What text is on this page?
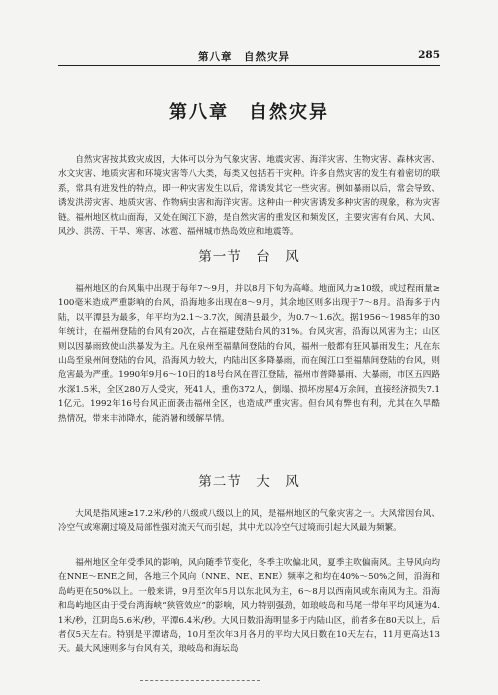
第八章　自然灾异	285
第八章　自然灾异

自然灾害按其致灾成因，大体可以分为气象灾害、地震灾害、海洋灾害、生物灾害、森林灾害、水文灾害、地质灾害和环境灾害等八大类，每类又包括若干灾种。许多自然灾害的发生有着密切的联系，常具有进发性的特点，即一种灾害发生以后，常诱发其它一些灾害。例如暴雨以后，常会导致、诱发洪涝灾害、地质灾害、作物病虫害和海洋灾害。这种由一种灾害诱发多种灾害的现象，称为灾害链。福州地区枕山面海，又处在闽江下游，是自然灾害的重发区和频发区，主要灾害有台风、大风、风沙、洪涝、干旱、寒害、冰雹、福州城市热岛效应和地震等。

第一节　台　风

福州地区的台风集中出现于每年7～9月，并以8月下旬为高峰。地面风力≥10级，或过程雨量≥100毫米造成严重影响的台风，沿海地多出现在8～9月，其余地区则多出现于7～8月。沿海多于内陆，以平潭县为最多，年平均为2.1～3.7次，闽清县最少，为0.7～1.6次。据1956～1985年的30年统计，在福州登陆的台风有20次，占在福建登陆台风的31%。台风灾害，沿海以风害为主；山区则以因暴雨致使山洪暴发为主。凡在泉州至福鼎间登陆的台风，福州一般都有狂风暴雨发生；凡在东山岛至泉州间登陆的台风，沿海风力较大，内陆出区多降暴雨，而在闽江口至福鼎间登陆的台风，则危害最为严重。1990年9月6～10日的18号台风在晋江登陆，福州市普降暴雨、大暴雨，市区五四路水深1.5米，全区280万人受灾，死41人，重伤372人，倒塌、损坏房屋4万余间，直接经济损失7.11亿元。1992年16号台风正面袭击福州全区，也造成严重灾害。但台风有弊也有利，尤其在久旱酷热情况，带来丰沛降水，能消暑和缓解旱情。

第二节　大　风

大风是指风速≥17.2米/秒的八级或八级以上的风，是福州地区的气象灾害之一。大风常因台风、冷空气或寒潮过境及局部性强对流天气而引起，其中尤以冷空气过境而引起大风最为频繁。

福州地区全年受季风的影响，风向随季节变化，冬季主吹偏北风，夏季主吹偏南风。主导风向均在NNE～ENE之间，各地三个风向（NNE、NE、ENE）频率之和均在40%～50%之间，沿海和岛屿更在50%以上。一般来讲，9月至次年5月以东北风为主，6～8月以西南风或东南风为主。沿海和岛屿地区由于受台湾海峡“狭管效应”的影响，风力特别强劲，如琅岐岛和马尾一带年平均风速为4.1米/秒，江阴岛5.6米/秒，平潭6.4米/秒。大风日数沿海明显多于内陆山区，前者多在80天以上，后者仅5天左右。特别是平潭诸岛，10月至次年3月各月的平均大风日数在10天左右，11月更高达13天。最大风速则多与台风有关，琅岐岛和海坛岛
